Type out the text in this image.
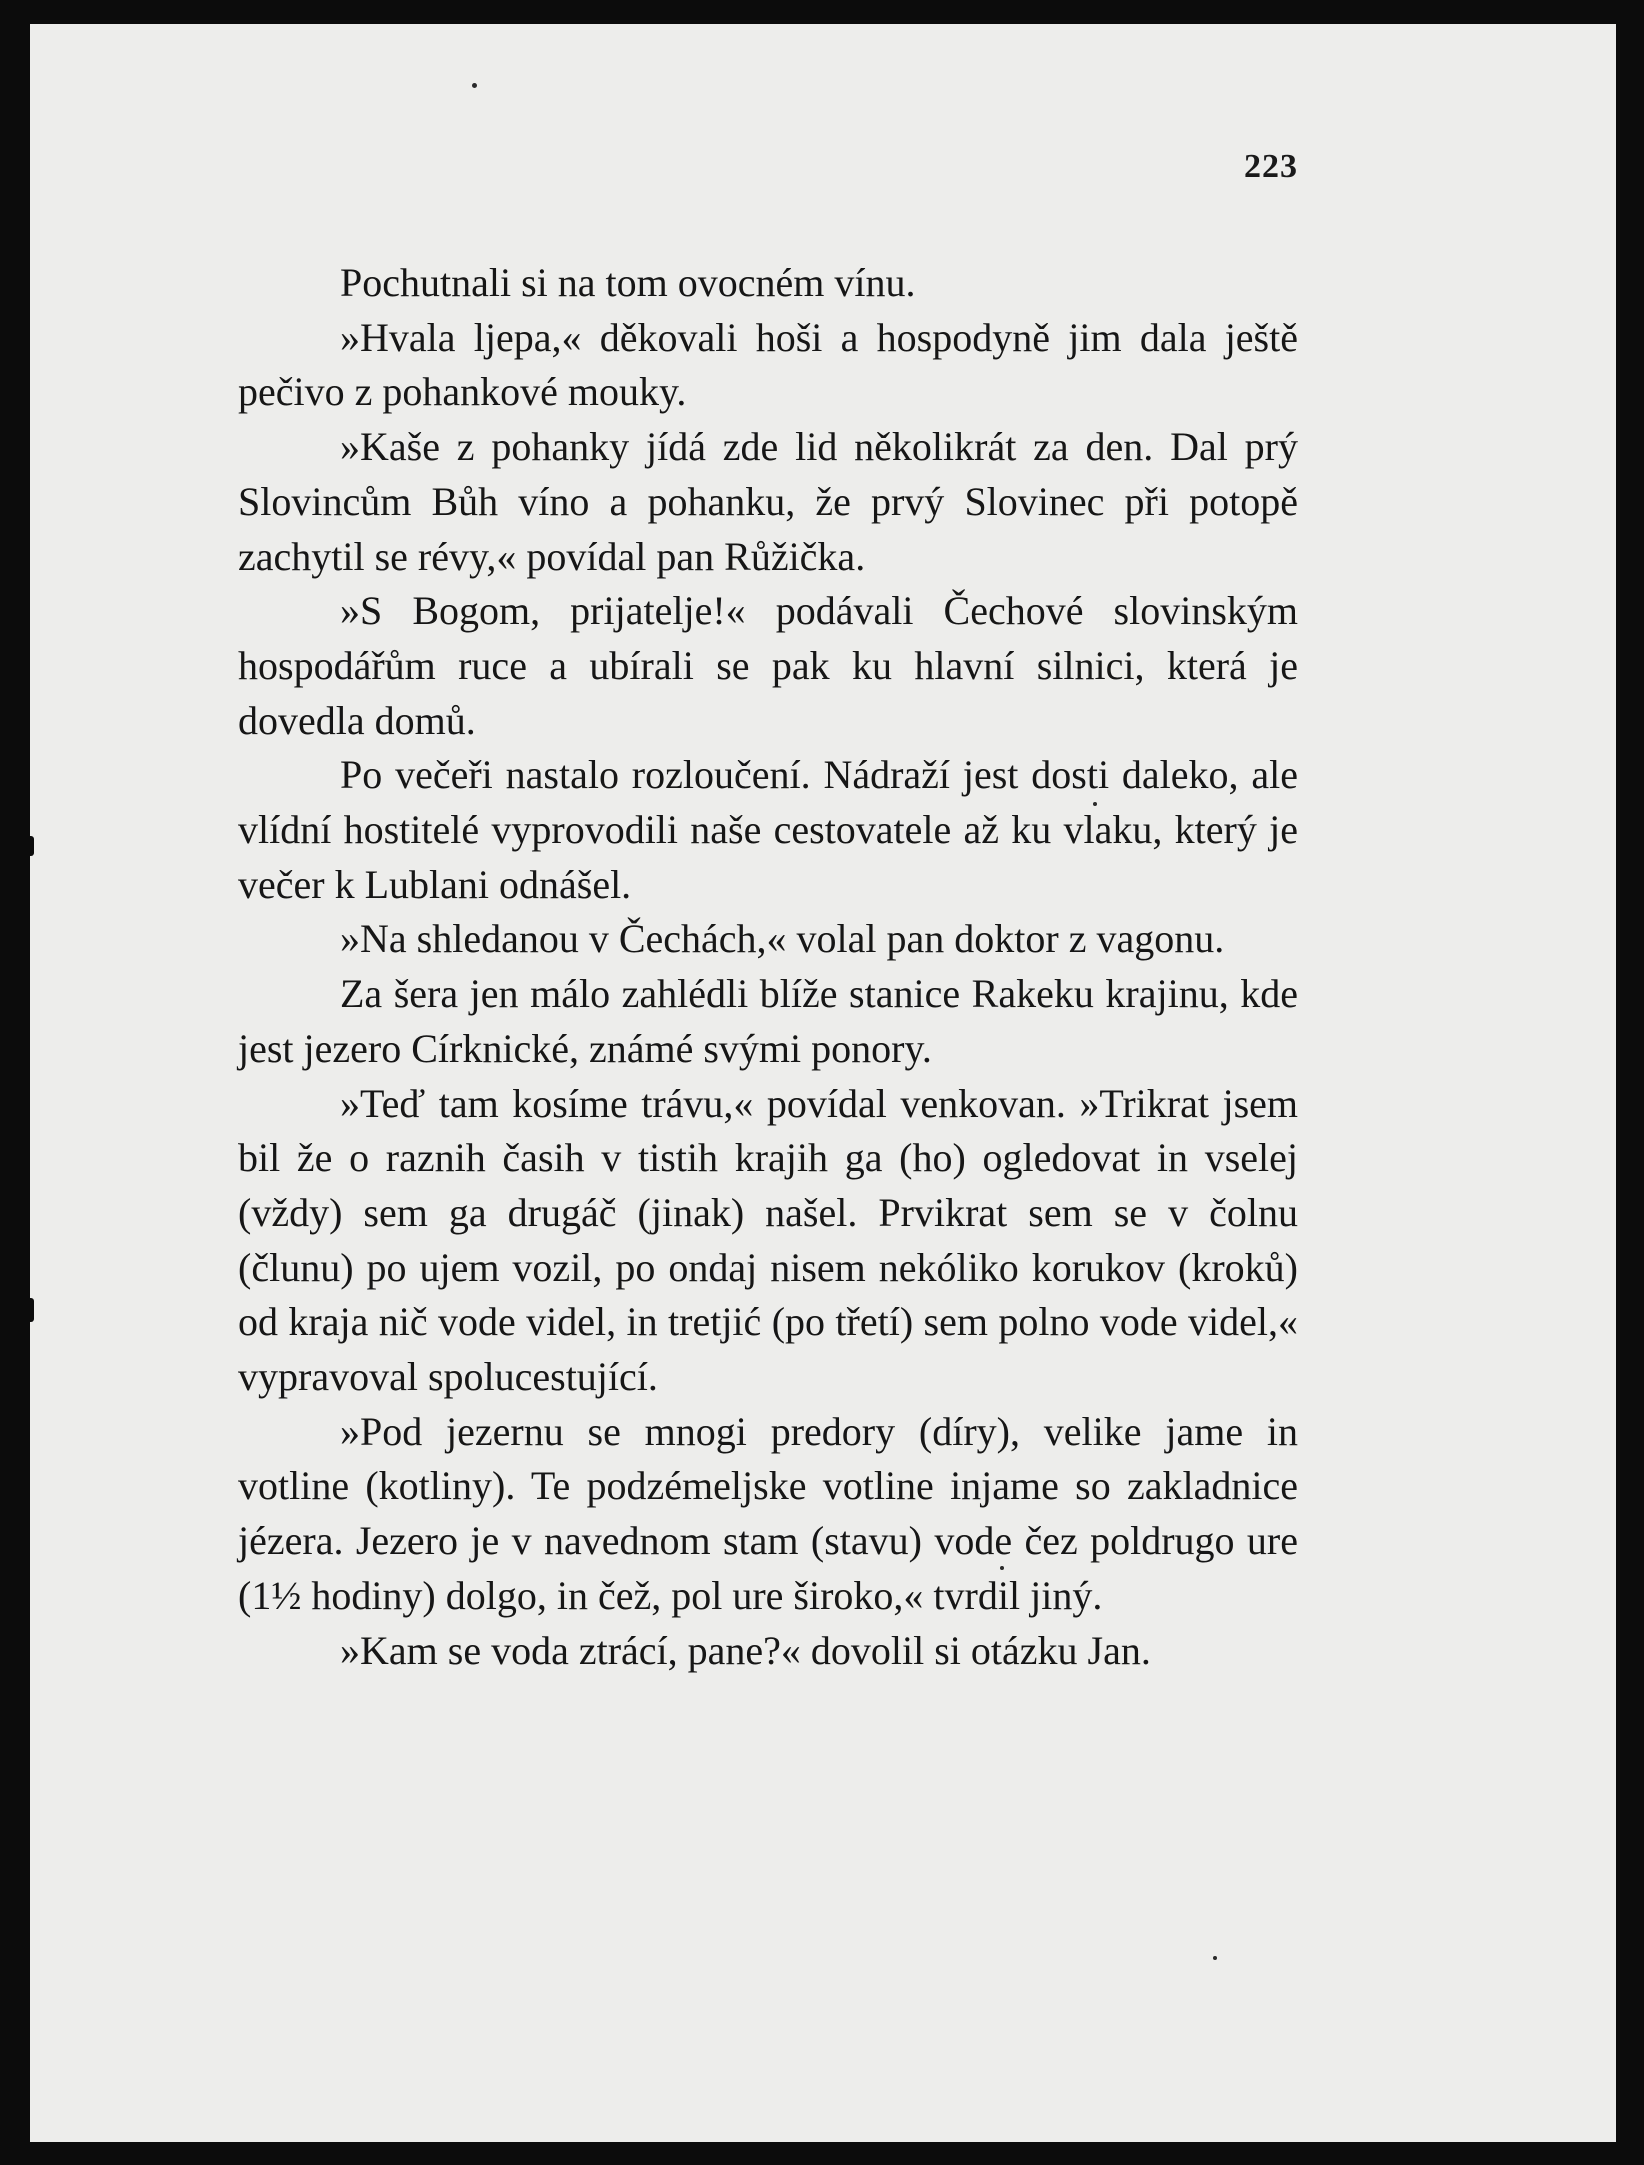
223

Pochutnali si na tom ovocném vínu.

»Hvala ljepa,« děkovali hoši a hospodyně jim dala ještě pečivo z pohankové mouky.

»Kaše z pohanky jídá zde lid několikrát za den. Dal prý Slovincům Bůh víno a pohanku, že prvý Slovinec při potopě zachytil se révy,« povídal pan Růžička.

»S Bogom, prijatelje!« podávali Čechové slovinským hospodářům ruce a ubírali se pak ku hlavní silnici, která je dovedla domů.

Po večeři nastalo rozloučení. Nádraží jest dosti daleko, ale vlídní hostitelé vyprovodili naše cestovatele až ku vlaku, který je večer k Lublani odnášel.

»Na shledanou v Čechách,« volal pan doktor z vagonu.

Za šera jen málo zahlédli blíže stanice Rakeku krajinu, kde jest jezero Círknické, známé svými ponory.

»Teď tam kosíme trávu,« povídal venkovan. »Trikrat jsem bil že o raznih časih v tistih krajih ga (ho) ogledovat in vselej (vždy) sem ga drugáč (jinak) našel. Prvikrat sem se v čolnu (člunu) po ujem vozil, po ondaj nisem nekóliko korukov (kroků) od kraja nič vode videl, in tretjić (po třetí) sem polno vode videl,« vypravoval spolucestující.

»Pod jezernu se mnogi predory (díry), velike jame in votline (kotliny). Te podzémeljske votline injame so zakladnice jézera. Jezero je v navednom stam (stavu) vode čez poldrugo ure (1½ hodiny) dolgo, in čež, pol ure široko,« tvrdil jiný.

»Kam se voda ztrácí, pane?« dovolil si otázku Jan.
